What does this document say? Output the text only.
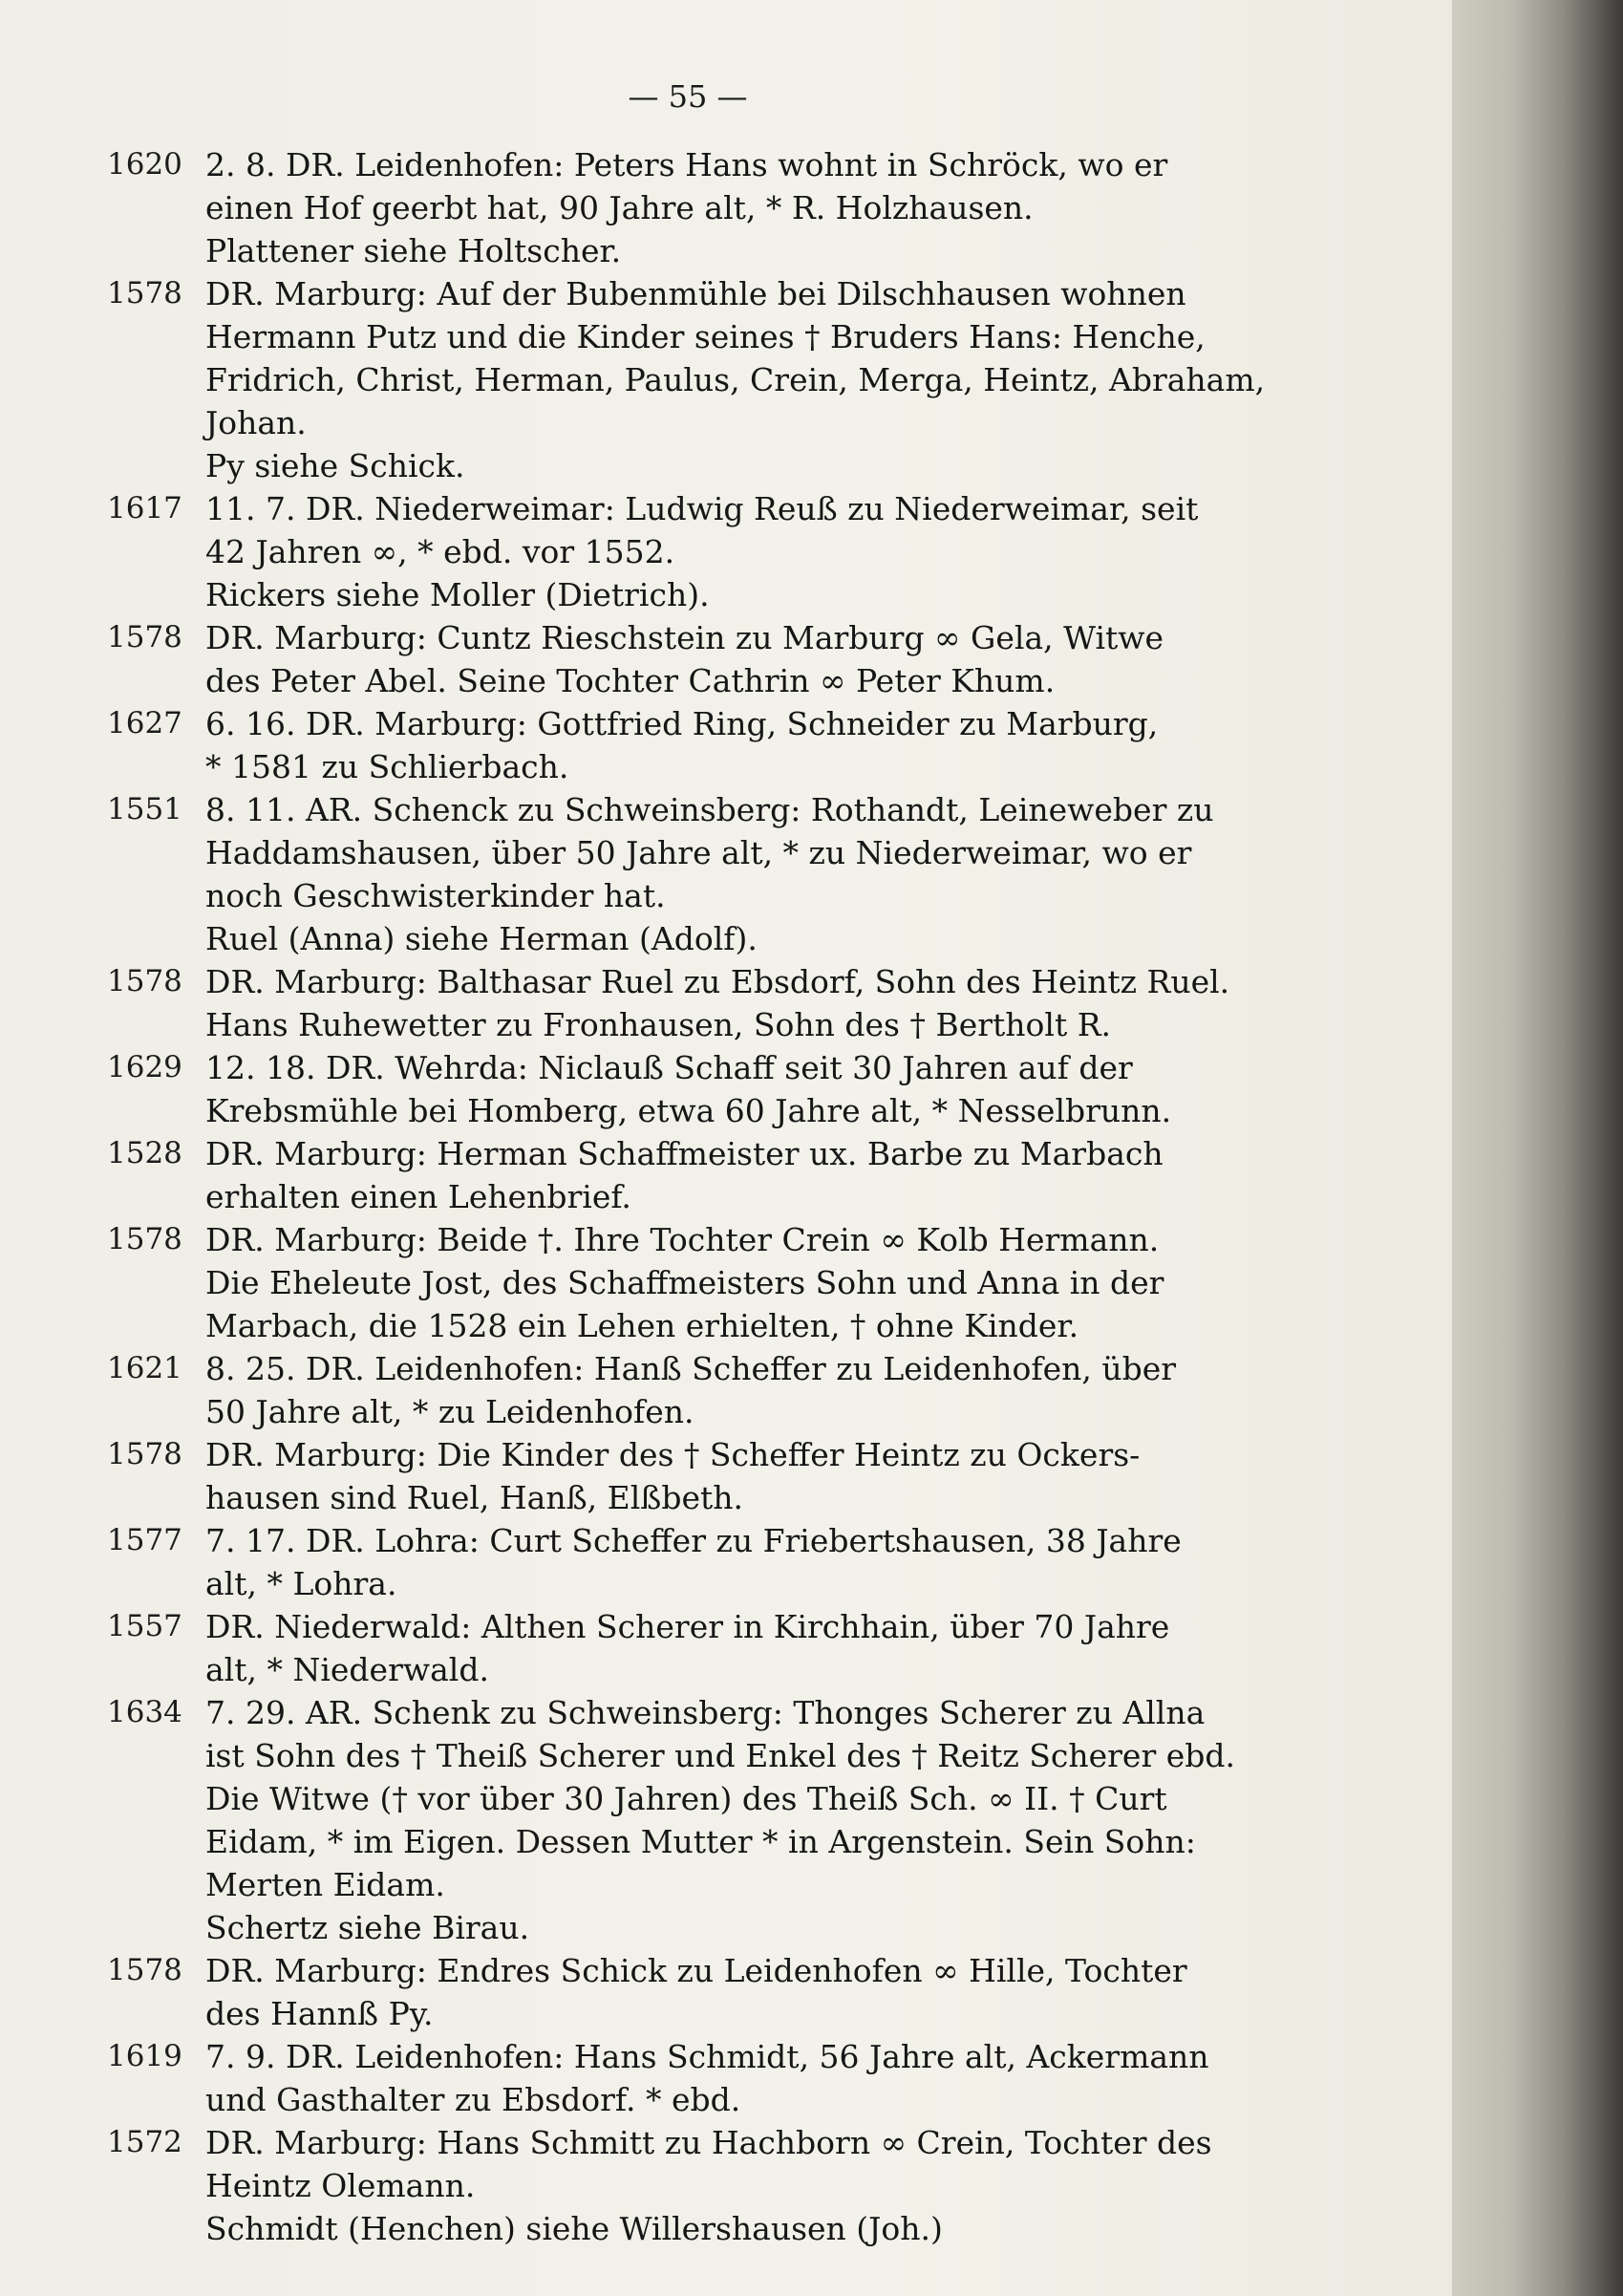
— 55 —
1620 2. 8. DR. Leidenhofen: Peters Hans wohnt in Schröck, wo er
einen Hof geerbt hat, 90 Jahre alt, * R. Holzhausen.
Plattener siehe Holtscher.
1578 DR. Marburg: Auf der Bubenmühle bei Dilschhausen wohnen
Hermann Putz und die Kinder seines † Bruders Hans: Henche,
Fridrich, Christ, Herman, Paulus, Crein, Merga, Heintz, Abraham,
Johan.
Py siehe Schick.
1617 11. 7. DR. Niederweimar: Ludwig Reuß zu Niederweimar, seit
42 Jahren ∞, * ebd. vor 1552.
Rickers siehe Moller (Dietrich).
1578 DR. Marburg: Cuntz Rieschstein zu Marburg ∞ Gela, Witwe
des Peter Abel. Seine Tochter Cathrin ∞ Peter Khum.
1627 6. 16. DR. Marburg: Gottfried Ring, Schneider zu Marburg,
* 1581 zu Schlierbach.
1551 8. 11. AR. Schenck zu Schweinsberg: Rothandt, Leineweber zu
Haddamshausen, über 50 Jahre alt, * zu Niederweimar, wo er
noch Geschwisterkinder hat.
Ruel (Anna) siehe Herman (Adolf).
1578 DR. Marburg: Balthasar Ruel zu Ebsdorf, Sohn des Heintz Ruel.
Hans Ruhewetter zu Fronhausen, Sohn des † Bertholt R.
1629 12. 18. DR. Wehrda: Niclauß Schaff seit 30 Jahren auf der
Krebsmühle bei Homberg, etwa 60 Jahre alt, * Nesselbrunn.
1528 DR. Marburg: Herman Schaffmeister ux. Barbe zu Marbach
erhalten einen Lehenbrief.
1578 DR. Marburg: Beide †. Ihre Tochter Crein ∞ Kolb Hermann.
Die Eheleute Jost, des Schaffmeisters Sohn und Anna in der
Marbach, die 1528 ein Lehen erhielten, † ohne Kinder.
1621 8. 25. DR. Leidenhofen: Hanß Scheffer zu Leidenhofen, über
50 Jahre alt, * zu Leidenhofen.
1578 DR. Marburg: Die Kinder des † Scheffer Heintz zu Ockers-
hausen sind Ruel, Hanß, Elßbeth.
1577 7. 17. DR. Lohra: Curt Scheffer zu Friebertshausen, 38 Jahre
alt, * Lohra.
1557 DR. Niederwald: Althen Scherer in Kirchhain, über 70 Jahre
alt, * Niederwald.
1634 7. 29. AR. Schenk zu Schweinsberg: Thonges Scherer zu Allna
ist Sohn des † Theiß Scherer und Enkel des † Reitz Scherer ebd.
Die Witwe († vor über 30 Jahren) des Theiß Sch. ∞ II. † Curt
Eidam, * im Eigen. Dessen Mutter * in Argenstein. Sein Sohn:
Merten Eidam.
Schertz siehe Birau.
1578 DR. Marburg: Endres Schick zu Leidenhofen ∞ Hille, Tochter
des Hannß Py.
1619 7. 9. DR. Leidenhofen: Hans Schmidt, 56 Jahre alt, Ackermann
und Gasthalter zu Ebsdorf. * ebd.
1572 DR. Marburg: Hans Schmitt zu Hachborn ∞ Crein, Tochter des
Heintz Olemann.
Schmidt (Henchen) siehe Willershausen (Joh.)
